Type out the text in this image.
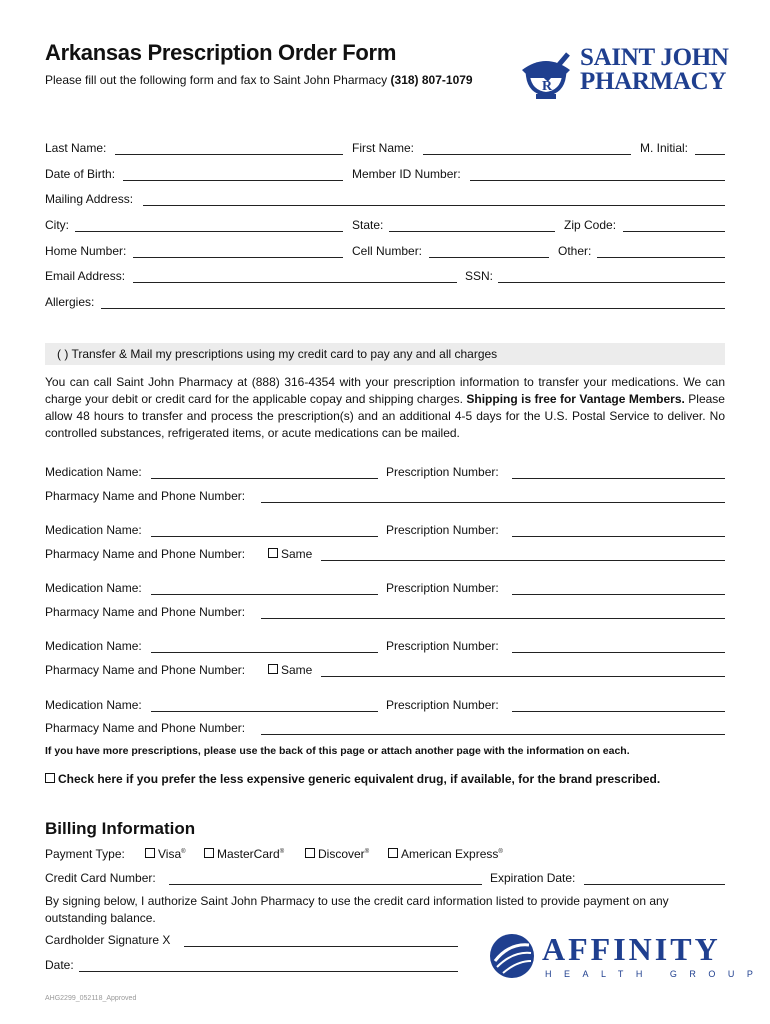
Arkansas Prescription Order Form
Please fill out the following form and fax to Saint John Pharmacy (318) 807-1079	R
SAINT JOHN
PHARMACY
Last Name:	First Name:	M. Initial:
Date of Birth:	Member ID Number:
Mailing Address:
City:	State:	Zip Code:
Home Number:	Cell Number:	Other:
Email Address:	SSN:
Allergies:
( ) Transfer & Mail my prescriptions using my credit card to pay any and all charges
You can call Saint John Pharmacy at (888) 316-4354 with your prescription information to transfer your medications. We can charge your debit or credit card for the applicable copay and shipping charges. Shipping is free for Vantage Members. Please allow 48 hours to transfer and process the prescription(s) and an additional 4-5 days for the U.S. Postal Service to deliver. No controlled substances, refrigerated items, or acute medications can be mailed.
Medication Name:	Prescription Number:
Pharmacy Name and Phone Number:
Medication Name:	Prescription Number:
Pharmacy Name and Phone Number:	Same
Medication Name:	Prescription Number:
Pharmacy Name and Phone Number:
Medication Name:	Prescription Number:
Pharmacy Name and Phone Number:	Same
Medication Name:	Prescription Number:
Pharmacy Name and Phone Number:
If you have more prescriptions, please use the back of this page or attach another page with the information on each.
Check here if you prefer the less expensive generic equivalent drug, if available, for the brand prescribed.
Billing Information
Payment Type:	Visa®	MasterCard®	Discover®	American Express®
Credit Card Number:	Expiration Date:
By signing below, I authorize Saint John Pharmacy to use the credit card information listed to provide payment on any outstanding balance.
Cardholder Signature X
Date:
AHG2299_052118_Approved
AFFINITY
HEALTH GROUP
